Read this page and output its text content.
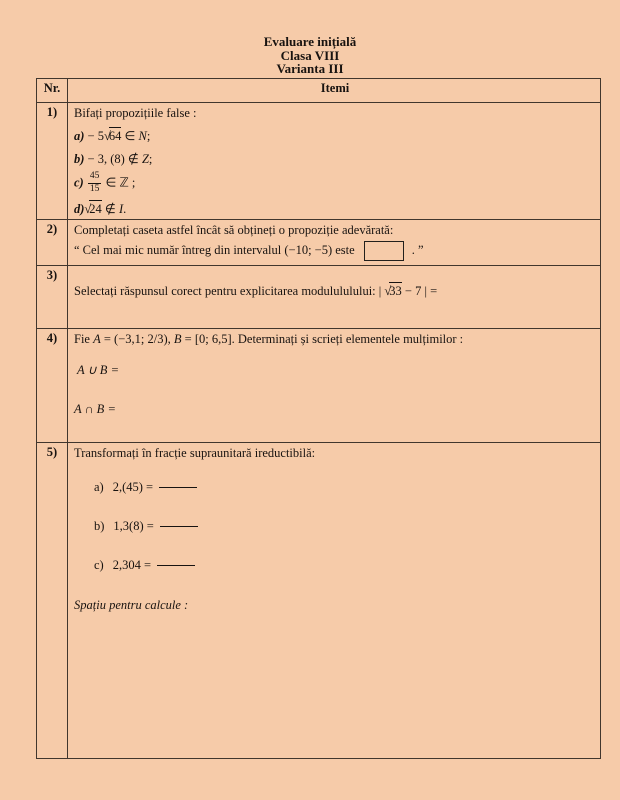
Evaluare inițială
Clasa VIII
Varianta III
Nr.	Itemi
1)	Bifați propozițiile false :
a) − 5√64 ∈ N;
b) − 3, (8) ∉ Z;
$c) \frac{45}{15}$ ∈ ℤ ;
d)√24 ∉ I.

2)	Completați caseta astfel încât să obțineți o propoziție adevărată:
“ Cel mai mic număr întreg din intervalul (−10; −5) este . ”

3)	Selectați răspunsul corect pentru explicitarea modulululului: | √33 − 7 | =

4)	Fie A = (−3,1; 2/3), B = [0; 6,5]. Determinați și scrieți elementele mulțimilor :
A ∪ B =
A ∩ B =

5)	Transformați în fracție supraunitară ireductibilă:
a) 2,(45) =
b) 1,3(8) =
c) 2,304 =
Spațiu pentru calcule :
